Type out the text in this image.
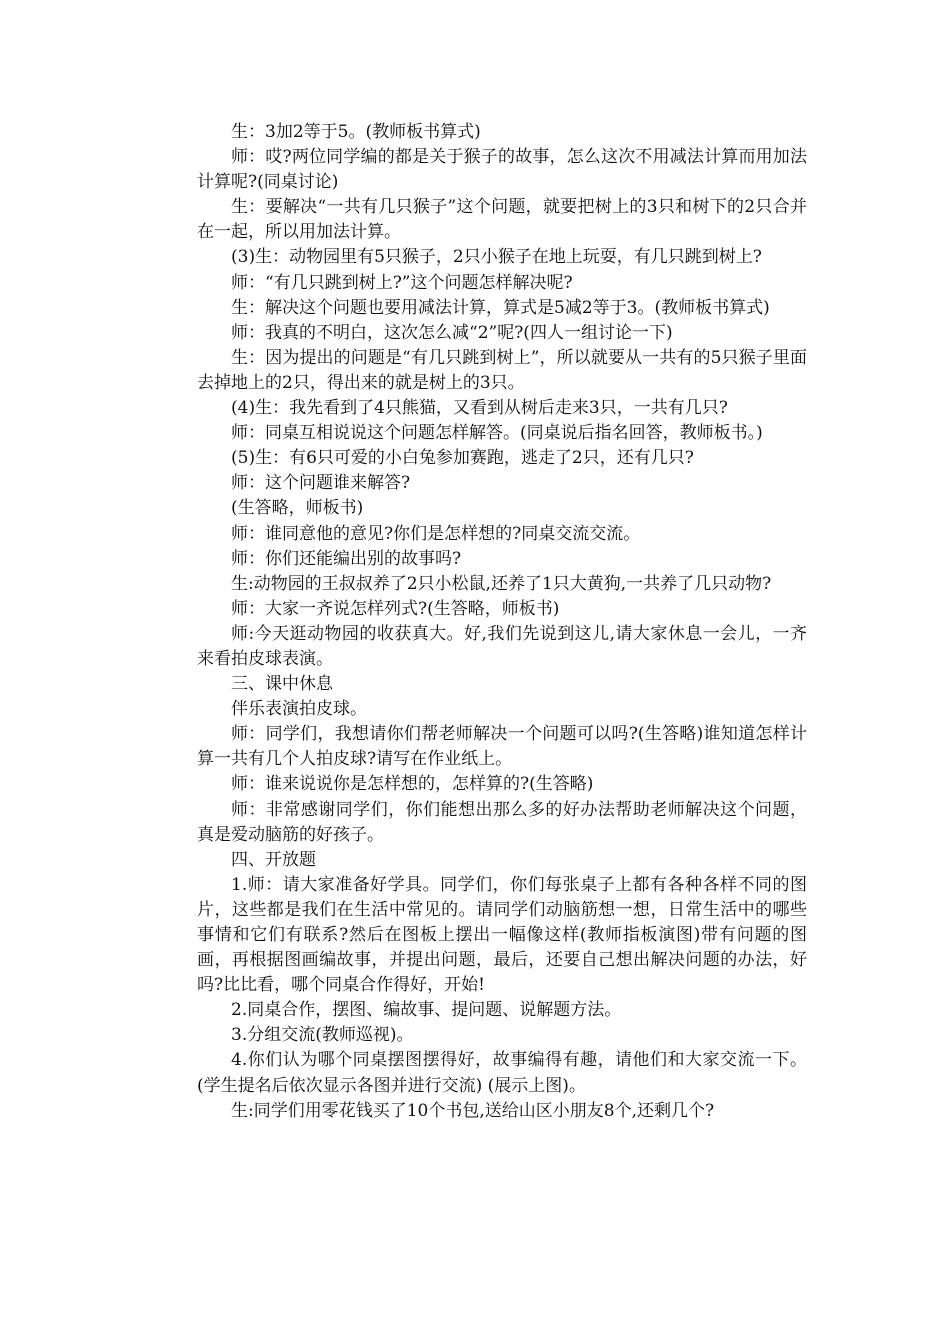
生：3加2等于5。(教师板书算式)

师：哎?两位同学编的都是关于猴子的故事，怎么这次不用减法计算而用加法计算呢?(同桌讨论)

生：要解决“一共有几只猴子”这个问题，就要把树上的3只和树下的2只合并在一起，所以用加法计算。

(3)生：动物园里有5只猴子，2只小猴子在地上玩耍，有几只跳到树上?

师：“有几只跳到树上?”这个问题怎样解决呢?

生：解决这个问题也要用减法计算，算式是5减2等于3。(教师板书算式)

师：我真的不明白，这次怎么减“2”呢?(四人一组讨论一下)

生：因为提出的问题是“有几只跳到树上”，所以就要从一共有的5只猴子里面去掉地上的2只，得出来的就是树上的3只。

(4)生：我先看到了4只熊猫，又看到从树后走来3只，一共有几只?

师：同桌互相说说这个问题怎样解答。(同桌说后指名回答，教师板书。)

(5)生：有6只可爱的小白兔参加赛跑，逃走了2只，还有几只?

师：这个问题谁来解答?

(生答略，师板书)

师：谁同意他的意见?你们是怎样想的?同桌交流交流。

师：你们还能编出别的故事吗?

生:动物园的王叔叔养了2只小松鼠,还养了1只大黄狗,一共养了几只动物?

师：大家一齐说怎样列式?(生答略，师板书)

师:今天逛动物园的收获真大。好,我们先说到这儿,请大家休息一会儿，一齐来看拍皮球表演。

三、课中休息

伴乐表演拍皮球。

师：同学们，我想请你们帮老师解决一个问题可以吗?(生答略)谁知道怎样计算一共有几个人拍皮球?请写在作业纸上。

师：谁来说说你是怎样想的，怎样算的?(生答略)

师：非常感谢同学们，你们能想出那么多的好办法帮助老师解决这个问题，真是爱动脑筋的好孩子。

四、开放题

1.师：请大家准备好学具。同学们，你们每张桌子上都有各种各样不同的图片，这些都是我们在生活中常见的。请同学们动脑筋想一想，日常生活中的哪些事情和它们有联系?然后在图板上摆出一幅像这样(教师指板演图)带有问题的图画，再根据图画编故事，并提出问题，最后，还要自己想出解决问题的办法，好吗?比比看，哪个同桌合作得好，开始!

2.同桌合作，摆图、编故事、提问题、说解题方法。

3.分组交流(教师巡视)。

4.你们认为哪个同桌摆图摆得好，故事编得有趣，请他们和大家交流一下。(学生提名后依次显示各图并进行交流) (展示上图)。

生:同学们用零花钱买了10个书包,送给山区小朋友8个,还剩几个?
